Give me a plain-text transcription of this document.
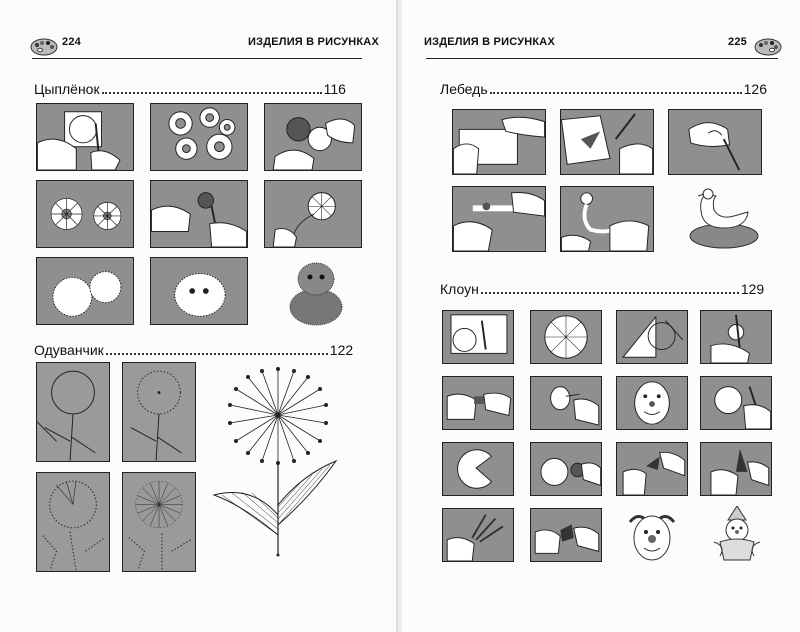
224	ИЗДЕЛИЯ В РИСУНКАХ
Цыплёнок	116
Одуванчик	122
ИЗДЕЛИЯ В РИСУНКАХ	225
Лебедь	126
Клоун	129
